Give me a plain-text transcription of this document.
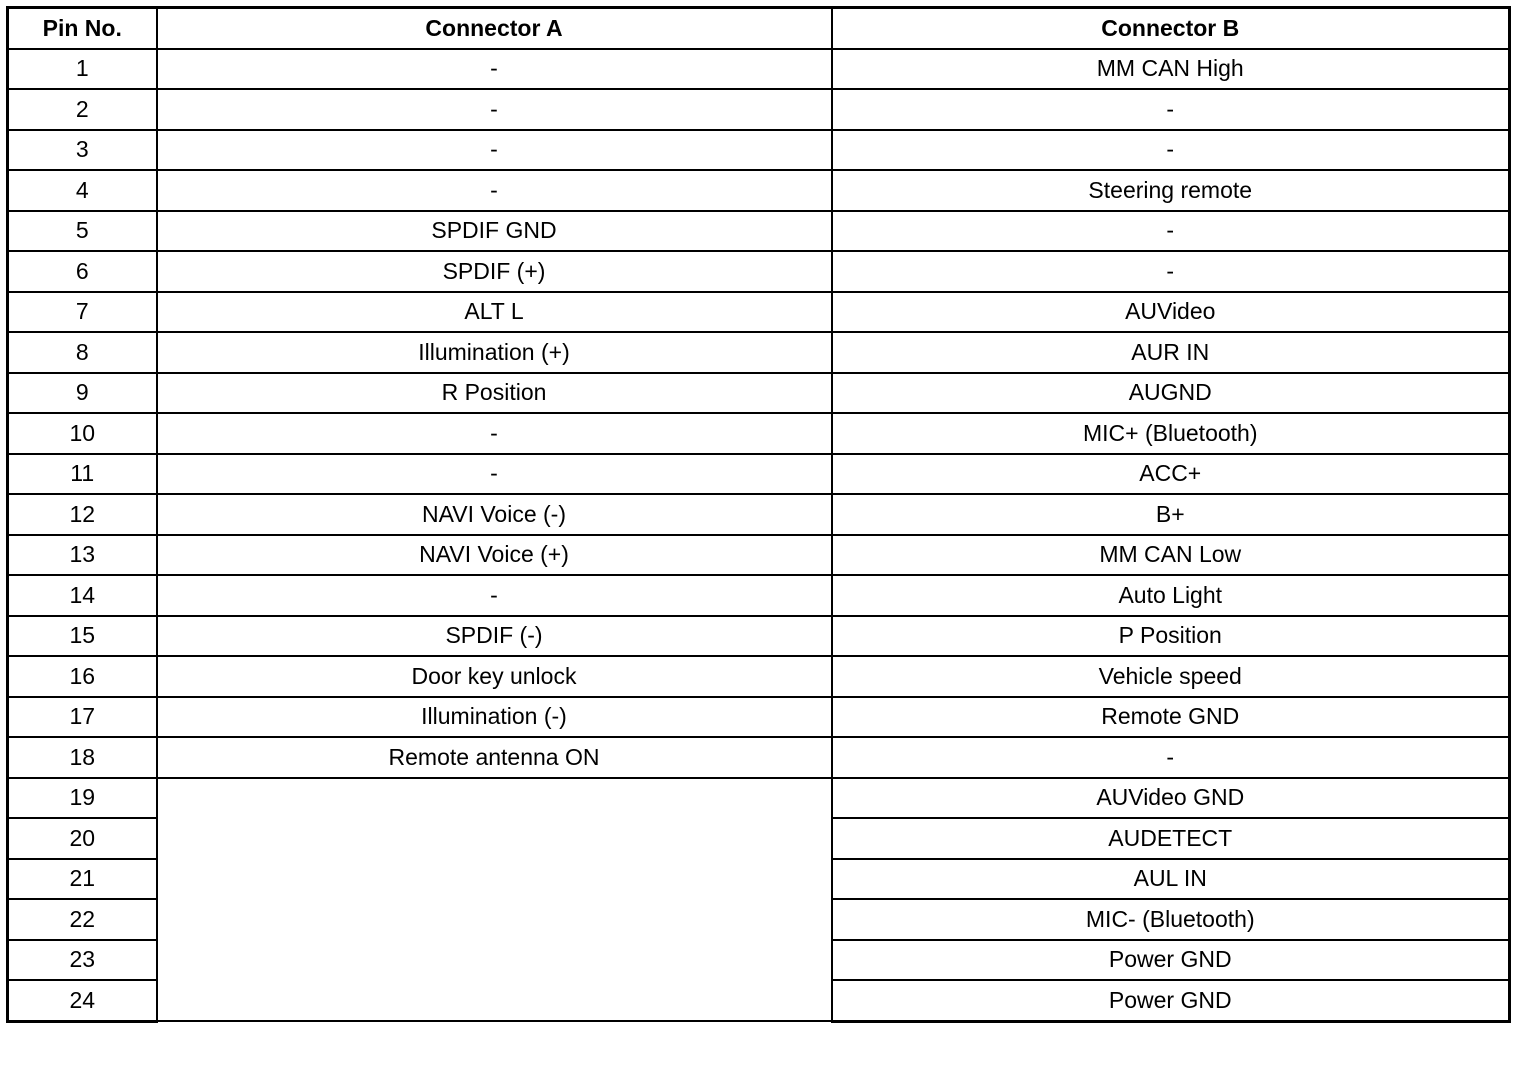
Pin No.	Connector A	Connector B
1	-	MM CAN High
2	-	-
3	-	-
4	-	Steering remote
5	SPDIF GND	-
6	SPDIF (+)	-
7	ALT L	AUVideo
8	Illumination (+)	AUR IN
9	R Position	AUGND
10	-	MIC+ (Bluetooth)
11	-	ACC+
12	NAVI Voice (-)	B+
13	NAVI Voice (+)	MM CAN Low
14	-	Auto Light
15	SPDIF (-)	P Position
16	Door key unlock	Vehicle speed
17	Illumination (-)	Remote GND
18	Remote antenna ON	-
19		AUVideo GND
20		AUDETECT
21		AUL IN
22		MIC- (Bluetooth)
23		Power GND
24		Power GND
